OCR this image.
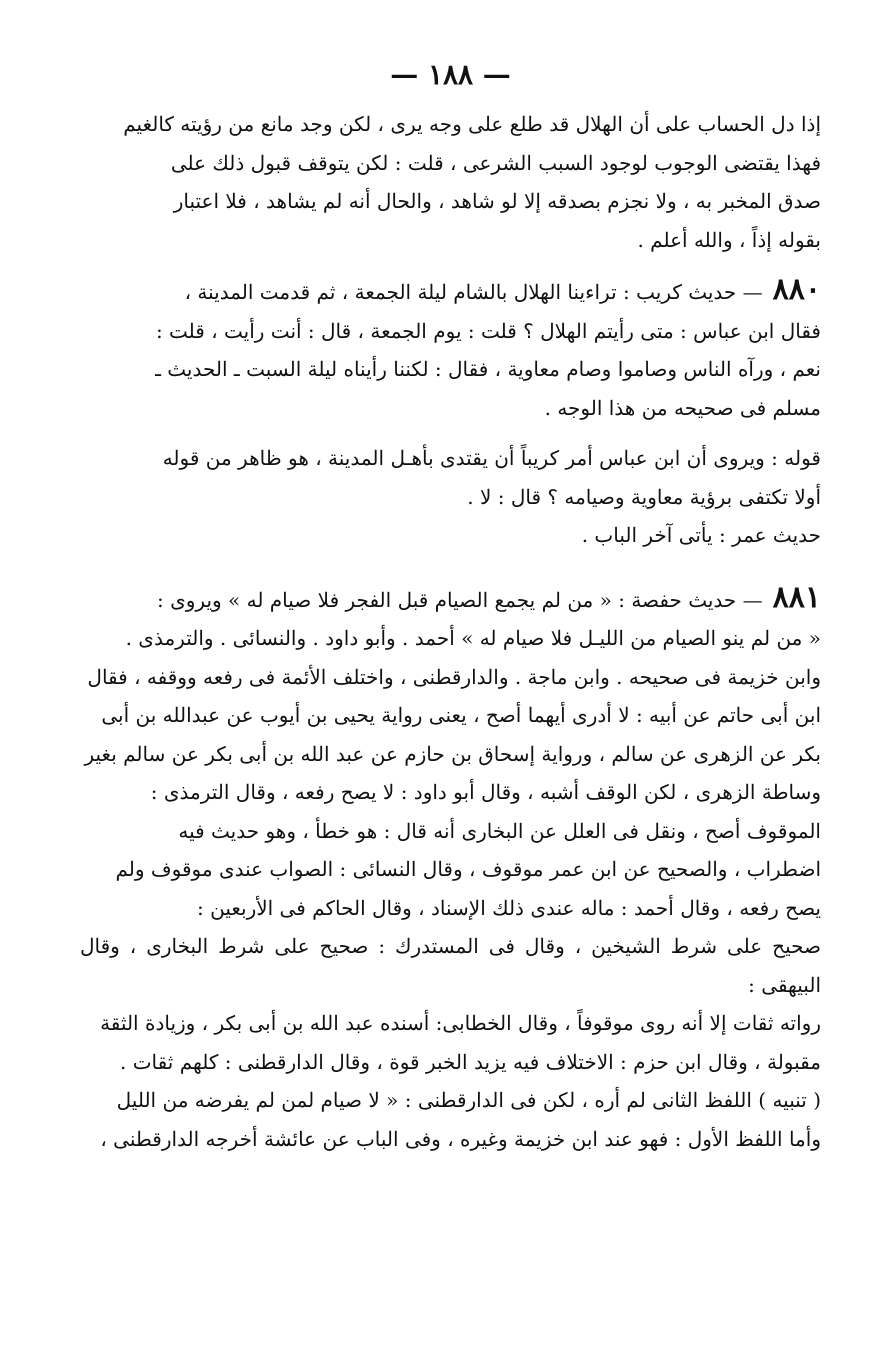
— ١٨٨ —

إذا دل الحساب على أن الهلال قد طلع على وجه يرى ، لكن وجد مانع من رؤيته كالغيم

فهذا يقتضى الوجوب لوجود السبب الشرعى ، قلت : لكن يتوقف قبول ذلك على

صدق المخبر به ، ولا نجزم بصدقه إلا لو شاهد ، والحال أنه لم يشاهد ، فلا اعتبار

بقوله إذاً ، والله أعلم .

٨٨٠— حديث كريب : تراءينا الهلال بالشام ليلة الجمعة ، ثم قدمت المدينة ،

فقال ابن عباس : متى رأيتم الهلال ؟ قلت : يوم الجمعة ، قال : أنت رأيت ، قلت :

نعم ، ورآه الناس وصاموا وصام معاوية ، فقال : لكننا رأيناه ليلة السبت ـ الحديث ـ

مسلم فى صحيحه من هذا الوجه .

قوله : ويروى أن ابن عباس أمر كريباً أن يقتدى بأهـل المدينة ، هو ظاهر من قوله

أولا تكتفى برؤية معاوية وصيامه ؟ قال : لا .

حديث عمر : يأتى آخر الباب .

٨٨١— حديث حفصة : « من لم يجمع الصيام قبل الفجر فلا صيام له » ويروى :

« من لم ينو الصيام من الليـل فلا صيام له » أحمد . وأبو داود . والنسائى . والترمذى .

وابن خزيمة فى صحيحه . وابن ماجة . والدارقطنى ، واختلف الأئمة فى رفعه ووقفه ، فقال

ابن أبى حاتم عن أبيه : لا أدرى أيهما أصح ، يعنى رواية يحيى بن أيوب عن عبدالله بن أبى

بكر عن الزهرى عن سالم ، ورواية إسحاق بن حازم عن عبد الله بن أبى بكر عن سالم بغير

وساطة الزهرى ، لكن الوقف أشبه ، وقال أبو داود : لا يصح رفعه ، وقال الترمذى :

الموقوف أصح ، ونقل فى العلل عن البخارى أنه قال : هو خطأ ، وهو حديث فيه

اضطراب ، والصحيح عن ابن عمر موقوف ، وقال النسائى : الصواب عندى موقوف ولم

يصح رفعه ، وقال أحمد : ماله عندى ذلك الإسناد ، وقال الحاكم فى الأربعين :

صحيح على شرط الشيخين ، وقال فى المستدرك : صحيح على شرط البخارى ، وقال البيهقى :

رواته ثقات إلا أنه روى موقوفاً ، وقال الخطابى: أسنده عبد الله بن أبى بكر ، وزيادة الثقة

مقبولة ، وقال ابن حزم : الاختلاف فيه يزيد الخبر قوة ، وقال الدارقطنى : كلهم ثقات .

( تنبيه ) اللفظ الثانى لم أره ، لكن فى الدارقطنى : « لا صيام لمن لم يفرضه من الليل

وأما اللفظ الأول : فهو عند ابن خزيمة وغيره ، وفى الباب عن عائشة أخرجه الدارقطنى ،
